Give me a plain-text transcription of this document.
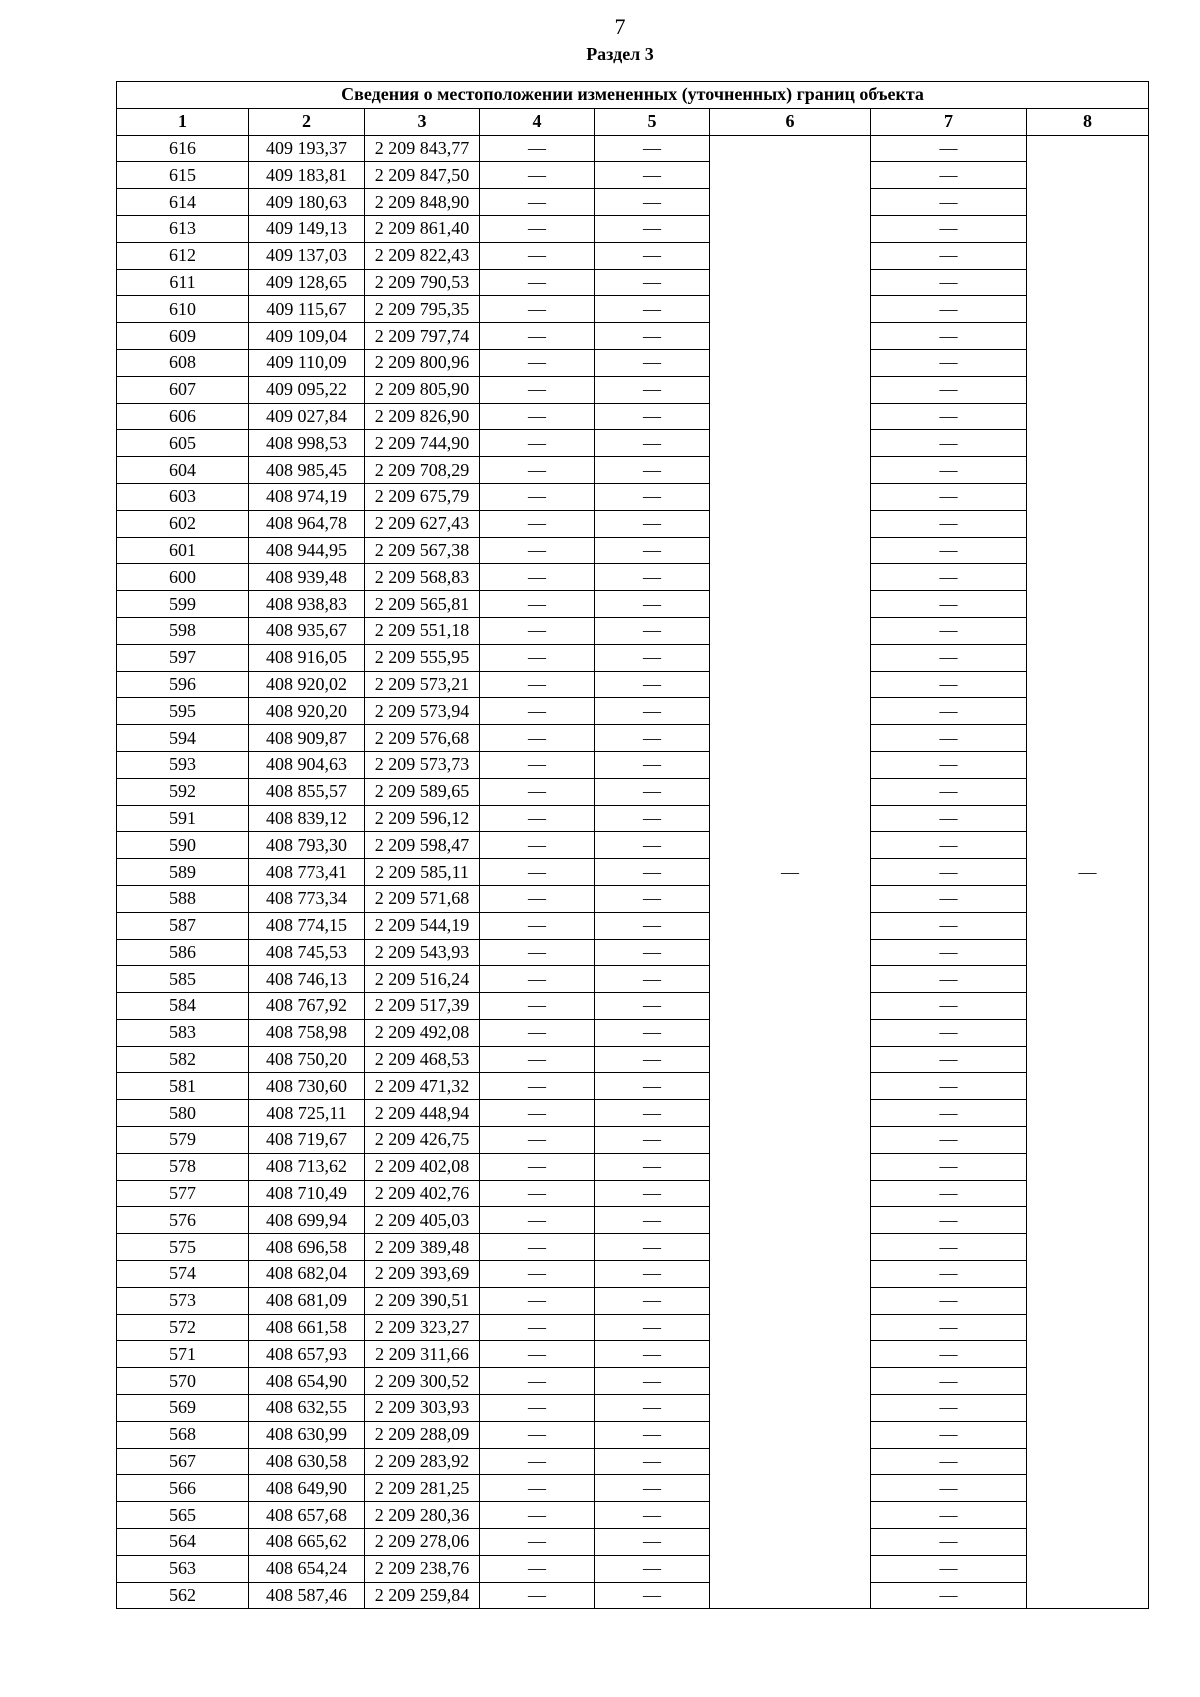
7
Раздел 3
Сведения о местоположении измененных (уточненных) границ объекта							
1	2	3	4	5	6	7	8
616	409 193,37	2 209 843,77	—	—	—	—	—
615	409 183,81	2 209 847,50	—	—		—	
614	409 180,63	2 209 848,90	—	—		—	
613	409 149,13	2 209 861,40	—	—		—	
612	409 137,03	2 209 822,43	—	—		—	
611	409 128,65	2 209 790,53	—	—		—	
610	409 115,67	2 209 795,35	—	—		—	
609	409 109,04	2 209 797,74	—	—		—	
608	409 110,09	2 209 800,96	—	—		—	
607	409 095,22	2 209 805,90	—	—		—	
606	409 027,84	2 209 826,90	—	—		—	
605	408 998,53	2 209 744,90	—	—		—	
604	408 985,45	2 209 708,29	—	—		—	
603	408 974,19	2 209 675,79	—	—		—	
602	408 964,78	2 209 627,43	—	—		—	
601	408 944,95	2 209 567,38	—	—		—	
600	408 939,48	2 209 568,83	—	—		—	
599	408 938,83	2 209 565,81	—	—		—	
598	408 935,67	2 209 551,18	—	—		—	
597	408 916,05	2 209 555,95	—	—		—	
596	408 920,02	2 209 573,21	—	—		—	
595	408 920,20	2 209 573,94	—	—		—	
594	408 909,87	2 209 576,68	—	—		—	
593	408 904,63	2 209 573,73	—	—		—	
592	408 855,57	2 209 589,65	—	—		—	
591	408 839,12	2 209 596,12	—	—		—	
590	408 793,30	2 209 598,47	—	—		—	
589	408 773,41	2 209 585,11	—	—		—	
588	408 773,34	2 209 571,68	—	—		—	
587	408 774,15	2 209 544,19	—	—		—	
586	408 745,53	2 209 543,93	—	—		—	
585	408 746,13	2 209 516,24	—	—		—	
584	408 767,92	2 209 517,39	—	—		—	
583	408 758,98	2 209 492,08	—	—		—	
582	408 750,20	2 209 468,53	—	—		—	
581	408 730,60	2 209 471,32	—	—		—	
580	408 725,11	2 209 448,94	—	—		—	
579	408 719,67	2 209 426,75	—	—		—	
578	408 713,62	2 209 402,08	—	—		—	
577	408 710,49	2 209 402,76	—	—		—	
576	408 699,94	2 209 405,03	—	—		—	
575	408 696,58	2 209 389,48	—	—		—	
574	408 682,04	2 209 393,69	—	—		—	
573	408 681,09	2 209 390,51	—	—		—	
572	408 661,58	2 209 323,27	—	—		—	
571	408 657,93	2 209 311,66	—	—		—	
570	408 654,90	2 209 300,52	—	—		—	
569	408 632,55	2 209 303,93	—	—		—	
568	408 630,99	2 209 288,09	—	—		—	
567	408 630,58	2 209 283,92	—	—		—	
566	408 649,90	2 209 281,25	—	—		—	
565	408 657,68	2 209 280,36	—	—		—	
564	408 665,62	2 209 278,06	—	—		—	
563	408 654,24	2 209 238,76	—	—		—	
562	408 587,46	2 209 259,84	—	—		—	
